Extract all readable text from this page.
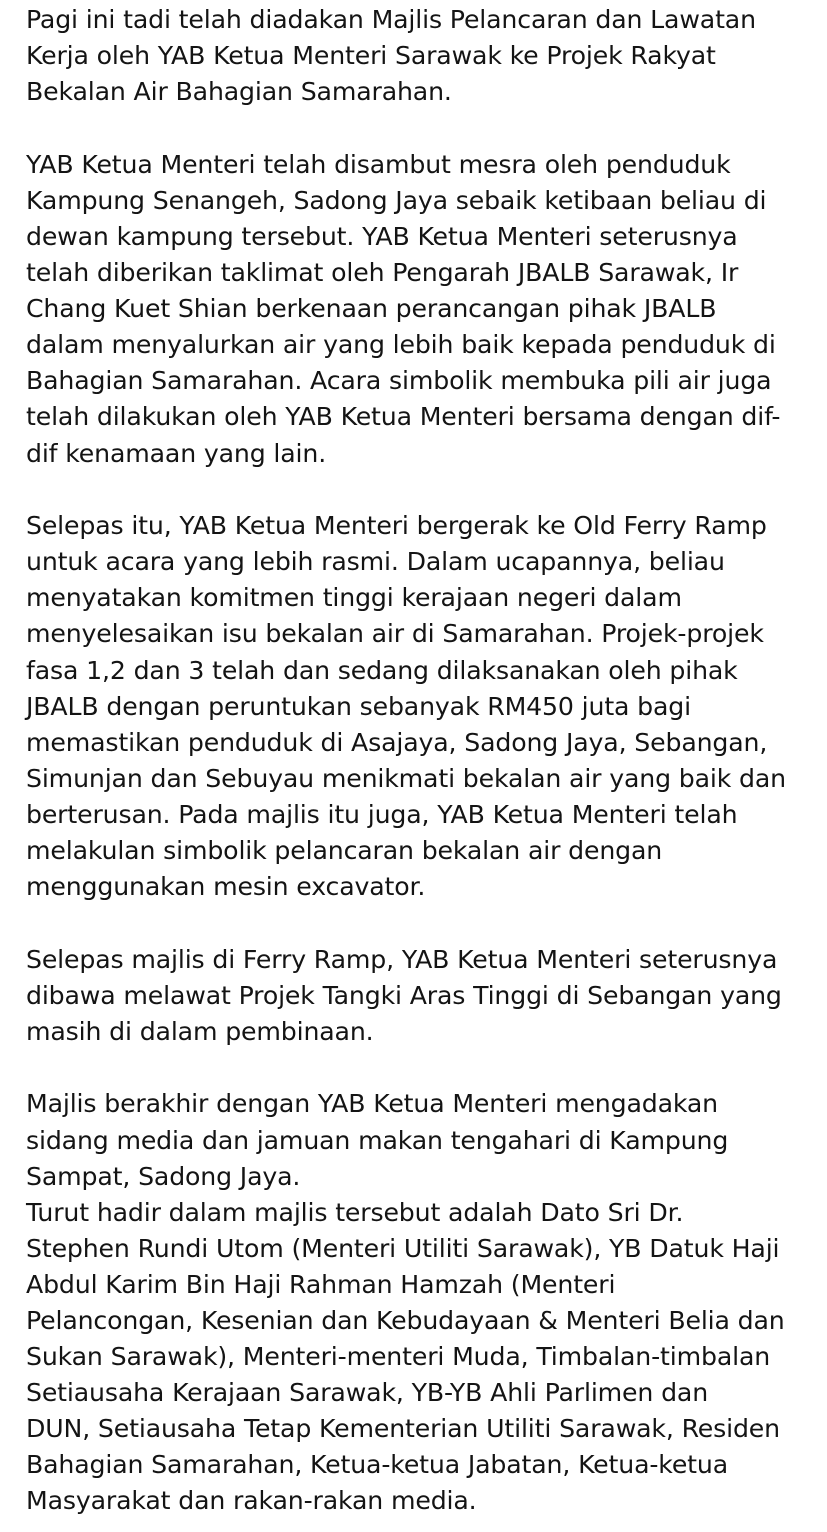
Pagi ini tadi telah diadakan Majlis Pelancaran dan Lawatan
Kerja oleh YAB Ketua Menteri Sarawak ke Projek Rakyat
Bekalan Air Bahagian Samarahan.

YAB Ketua Menteri telah disambut mesra oleh penduduk
Kampung Senangeh, Sadong Jaya sebaik ketibaan beliau di
dewan kampung tersebut. YAB Ketua Menteri seterusnya
telah diberikan taklimat oleh Pengarah JBALB Sarawak, Ir
Chang Kuet Shian berkenaan perancangan pihak JBALB
dalam menyalurkan air yang lebih baik kepada penduduk di
Bahagian Samarahan. Acara simbolik membuka pili air juga
telah dilakukan oleh YAB Ketua Menteri bersama dengan dif-
dif kenamaan yang lain.

Selepas itu, YAB Ketua Menteri bergerak ke Old Ferry Ramp
untuk acara yang lebih rasmi. Dalam ucapannya, beliau
menyatakan komitmen tinggi kerajaan negeri dalam
menyelesaikan isu bekalan air di Samarahan. Projek-projek
fasa 1,2 dan 3 telah dan sedang dilaksanakan oleh pihak
JBALB dengan peruntukan sebanyak RM450 juta bagi
memastikan penduduk di Asajaya, Sadong Jaya, Sebangan,
Simunjan dan Sebuyau menikmati bekalan air yang baik dan
berterusan. Pada majlis itu juga, YAB Ketua Menteri telah
melakulan simbolik pelancaran bekalan air dengan
menggunakan mesin excavator.

Selepas majlis di Ferry Ramp, YAB Ketua Menteri seterusnya
dibawa melawat Projek Tangki Aras Tinggi di Sebangan yang
masih di dalam pembinaan.

Majlis berakhir dengan YAB Ketua Menteri mengadakan
sidang media dan jamuan makan tengahari di Kampung
Sampat, Sadong Jaya.

Turut hadir dalam majlis tersebut adalah Dato Sri Dr.
Stephen Rundi Utom (Menteri Utiliti Sarawak), YB Datuk Haji
Abdul Karim Bin Haji Rahman Hamzah (Menteri
Pelancongan, Kesenian dan Kebudayaan & Menteri Belia dan
Sukan Sarawak), Menteri-menteri Muda, Timbalan-timbalan
Setiausaha Kerajaan Sarawak, YB-YB Ahli Parlimen dan
DUN, Setiausaha Tetap Kementerian Utiliti Sarawak, Residen
Bahagian Samarahan, Ketua-ketua Jabatan, Ketua-ketua
Masyarakat dan rakan-rakan media.
